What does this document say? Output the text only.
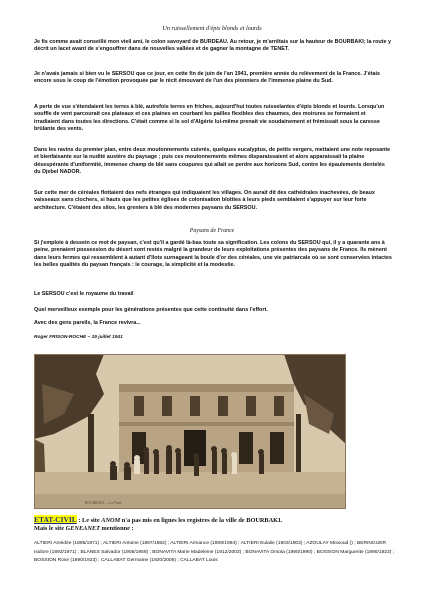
Un ruissellement d'épis blonds et lourds

Je fis comme avait conseillé mon vieil ami, le colon savoyard de BURDEAU. Au retour, je m'arrêtais sur la hauteur de BOURBAKI; la route y décrit un lacet avant de s'engouffrer dans de nouvelles vallées et de gagner la montagne de TENET.

Je n'avais jamais si bien vu le SERSOU que ce jour, en cette fin de juin de l'an 1941, première année du relèvement de la France. J'étais encore sous le coup de l'émotion provoquée par le récit émouvant de l'un des pionniers de l'immense plaine du Sud.

A perte de vue s'étendaient les terres à blé, autrefois terres en friches, aujourd'hui toutes ruisselantes d'épis blonds et lourds. Lorsqu'un souffle de vent parcourait ces plateaux et ces plaines en courbant les pailles flexibles des chaumes, des moirures se formaient et irradiaient dans toutes les directions. C'était comme si le sol d'Algérie lui-même prenait vie soudainement et frémissait sous la caresse brûlante des vents.

Dans les ravins du premier plan, entre deux moutonnements cuivrés, quelques eucalyptus, de petits vergers, mettaient une note reposante et bienfaisante sur la nudité austère du paysage ; puis ces moutonnements mêmes disparaissaient et alors apparaissait la plaine désespérante d'uniformité, immense champ de blé sans coupures qui allait se perdre aux horizons Sud, contre les épaulements dentelés du Djebel NADOR.

Sur cette mer de céréales flottaient des nefs étranges qui indiquaient les villages. On aurait dit des cathédrales inachevées, de beaux vaisseaux sans clochers, si hauts que les petites églises de colonisation blotties à leurs pieds semblaient s'appuyer sur leur forte architecture. C'étaient des silos, les greniers à blé des modernes paysans du SERSOU.

Paysans de France

Si j'emploie à dessein ce mot de paysan, c'est qu'il a gardé là-bas toute sa signification. Les colons du SERSOU qui, il y a quarante ans à peine, prenaient possession du désert sont restés malgré la grandeur de leurs exploitations présentes des paysans de France. Ils mènent dans leurs fermes qui ressemblent à autant d'îlots surnageant la boule d'or des céréales, une vie patriarcale où se sont conservées intactes les belles qualités du paysan français : le courage, la simplicité et la modestie.

Le SERSOU c'est le royaume du travail

Quel merveilleux exemple pour les générations présentes que cette continuité dans l'effort.

Avec des gens pareils, la France revivra...

Roger FRISON-ROCHE – 19 juillet 1941

BOURBAKI — La Poste

ETAT-CIVIL : Le site ANOM n'a pas mis en lignes les registres de la ville de BOURBAKI.
Mais le site GENEANET mentionne :

ALTIERI Amédée (1895/1971) ; ALTIERI Antoine (1897/1982) ; ALTIERI Armance (1909/1994) ; ALTIERI Eulalie (1903/1903) ; AZOULAY Missoud () ; BERINGUER Isidore (1893/1971) ; BLANES Salvador (1905/1958) ; BONAVITA Marie Madeleine (1912/2003) ; BONAVITA Orsola (1990/1990) ; BOSSION Marguerite (1890/1923) ; BOSSION Rose (1890/1923) ; CALLABAT Germaine (1920/2006) ; CALLABAT Louis
